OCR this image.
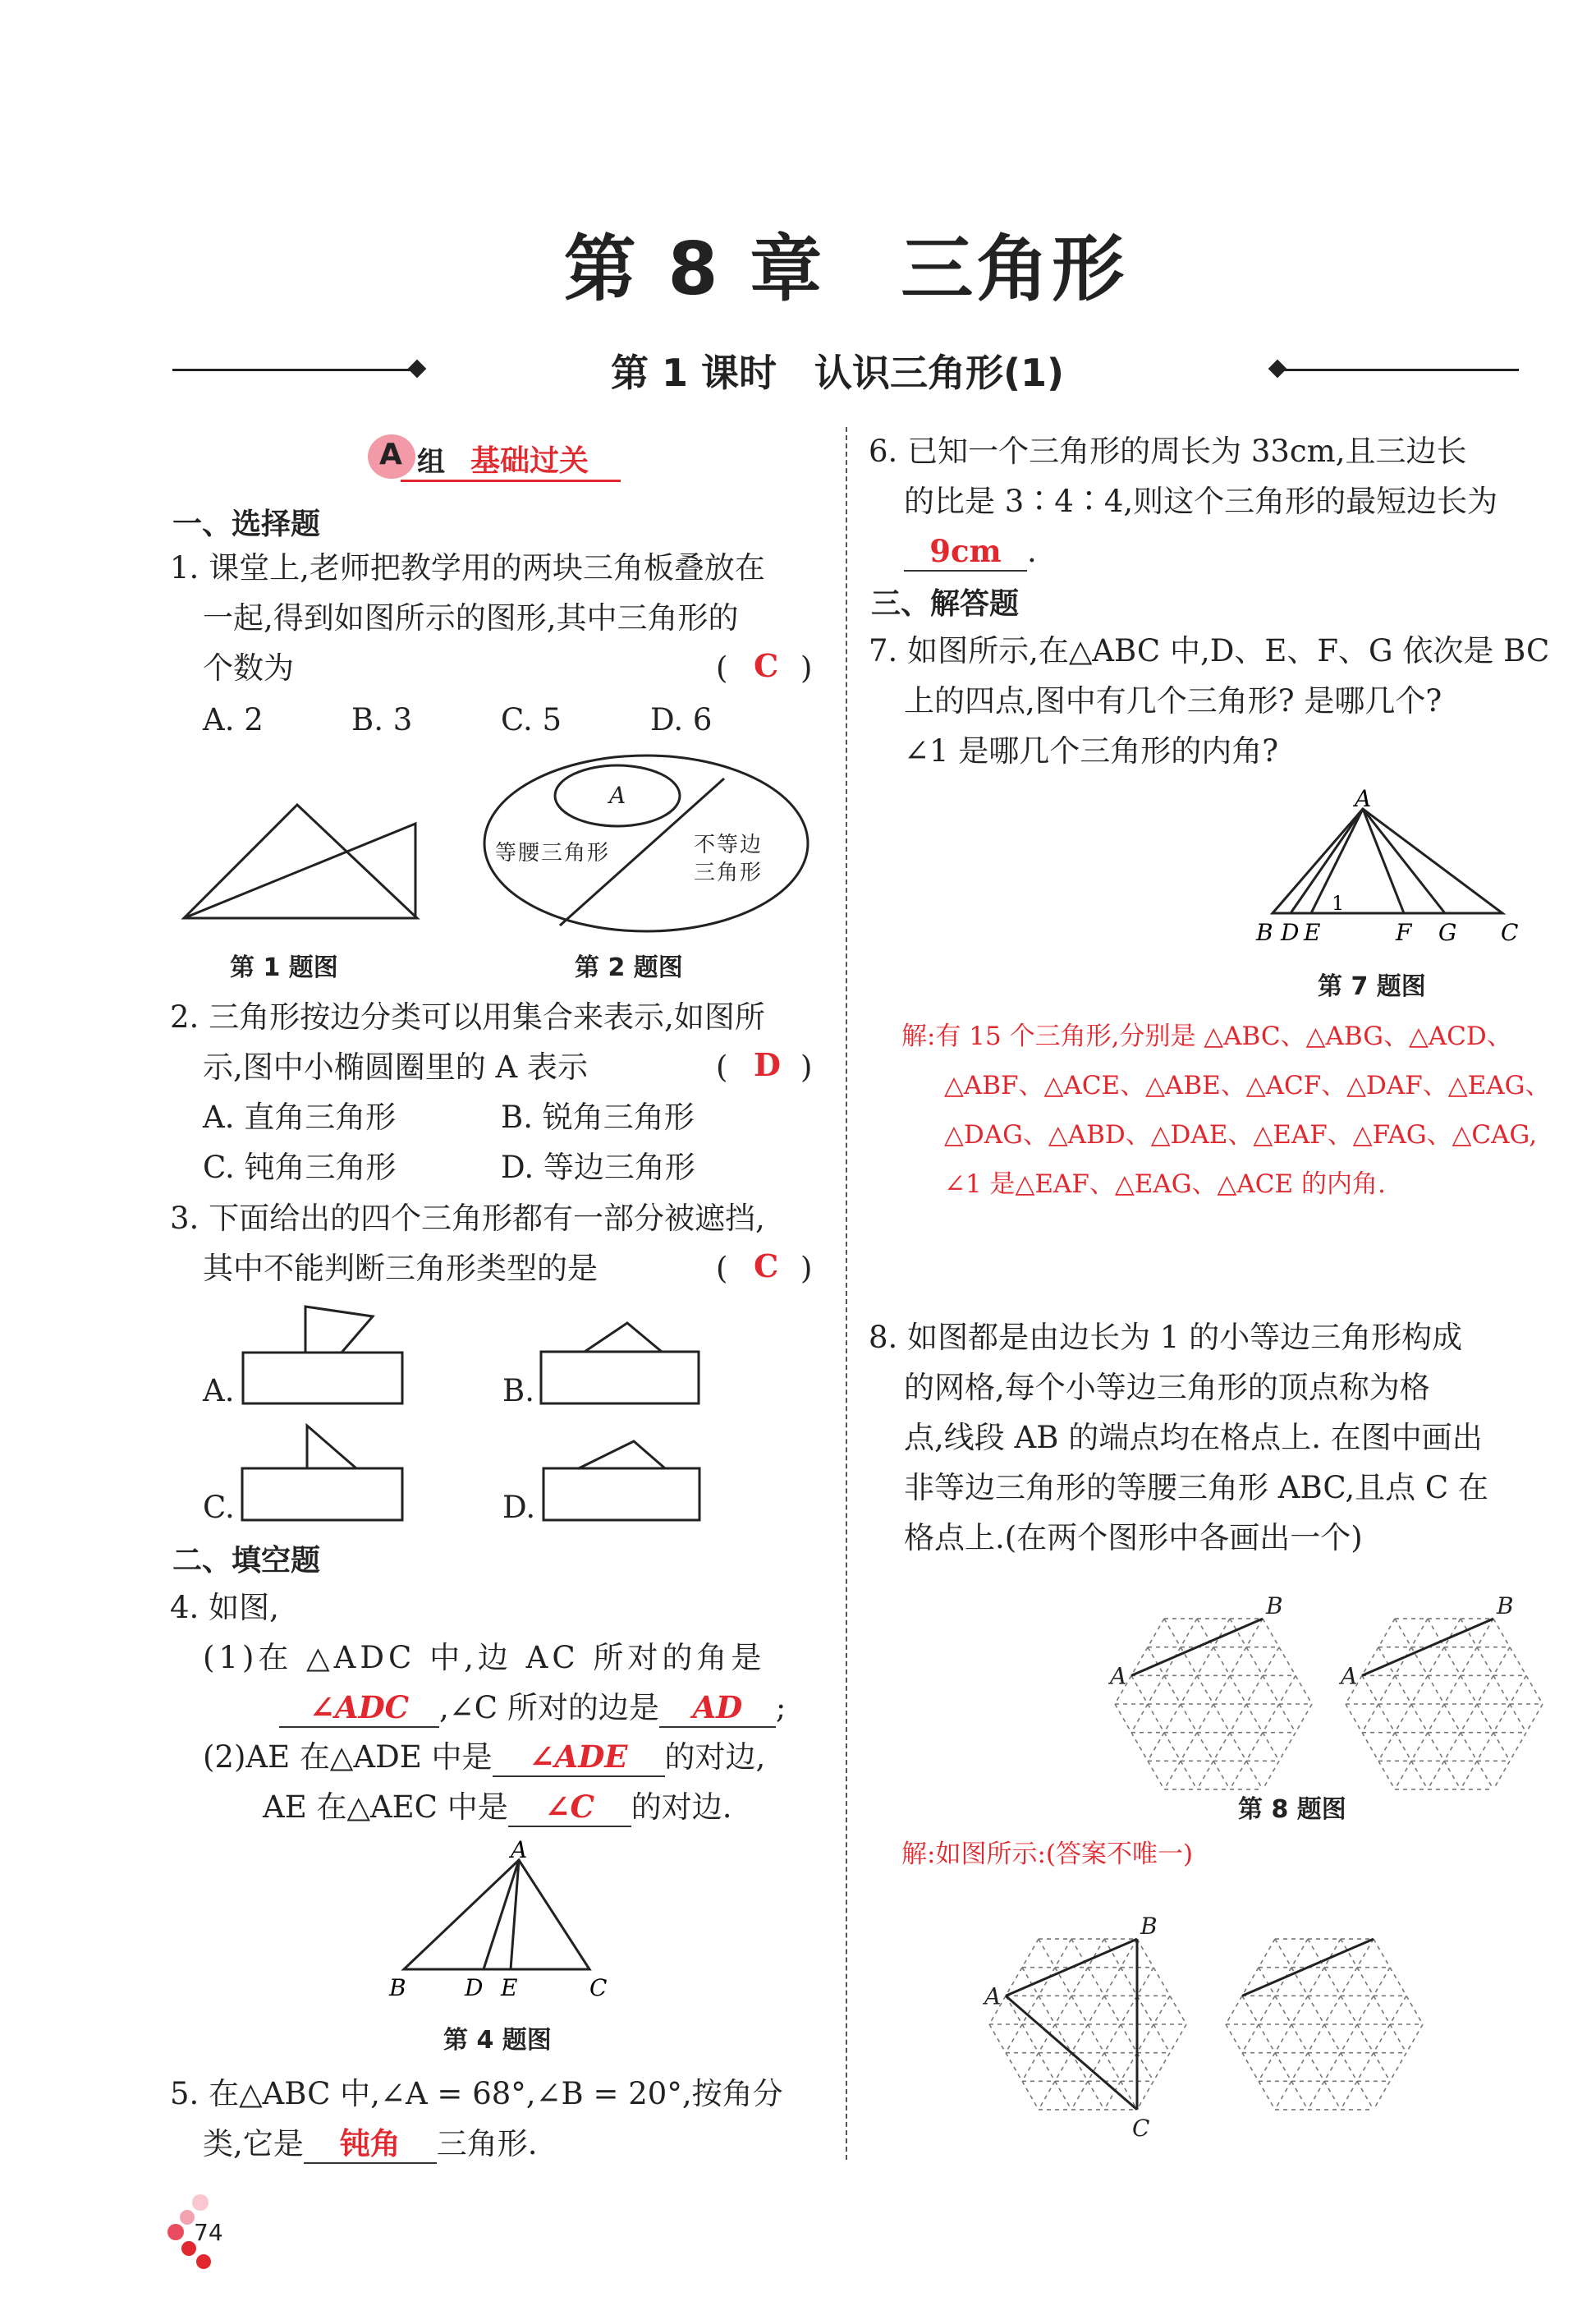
第 8 章　三角形
第 1 课时　认识三角形(1)
A 组 基础过关
一、选择题
1. 课堂上,老师把教学用的两块三角板叠放在
一起,得到如图所示的图形,其中三角形的
个数为	( C )
A. 2	B. 3	C. 5	D. 6
第 1 题图
A
等腰三角形	不等边
三角形
第 2 题图
2. 三角形按边分类可以用集合来表示,如图所
示,图中小椭圆圈里的 A 表示	( D )
A. 直角三角形	B. 锐角三角形
C. 钝角三角形	D. 等边三角形
3. 下面给出的四个三角形都有一部分被遮挡,
其中不能判断三角形类型的是	( C )
A.	B.
C.	D.
二、填空题
4. 如图,
(1)在 △ADC 中,边 AC 所对的角是
∠ADC ,∠C 所对的边是 AD ;
(2)AE 在△ADE 中是 ∠ADE 的对边,
AE 在△AEC 中是 ∠C 的对边.
A
B	D E	C
第 4 题图
5. 在△ABC 中,∠A = 68°,∠B = 20°,按角分
类,它是 钝角 三角形.
74
6. 已知一个三角形的周长为 33cm,且三边长
的比是 3∶4∶4,则这个三角形的最短边长为
9cm .
三、解答题
7. 如图所示,在△ABC 中,D、E、F、G 依次是 BC
上的四点,图中有几个三角形? 是哪几个?
∠1 是哪几个三角形的内角?
A
B D E	F G C
1
第 7 题图
解:有 15 个三角形,分别是 △ABC、△ABG、△ACD、
△ABF、△ACE、△ABE、△ACF、△DAF、△EAG、
△DAG、△ABD、△DAE、△EAF、△FAG、△CAG,
∠1 是△EAF、△EAG、△ACE 的内角.
8. 如图都是由边长为 1 的小等边三角形构成
的网格,每个小等边三角形的顶点称为格
点,线段 AB 的端点均在格点上. 在图中画出
非等边三角形的等腰三角形 ABC,且点 C 在
格点上.(在两个图形中各画出一个)
A
B
A
B
A
B
C
第 8 题图
解:如图所示:(答案不唯一)
